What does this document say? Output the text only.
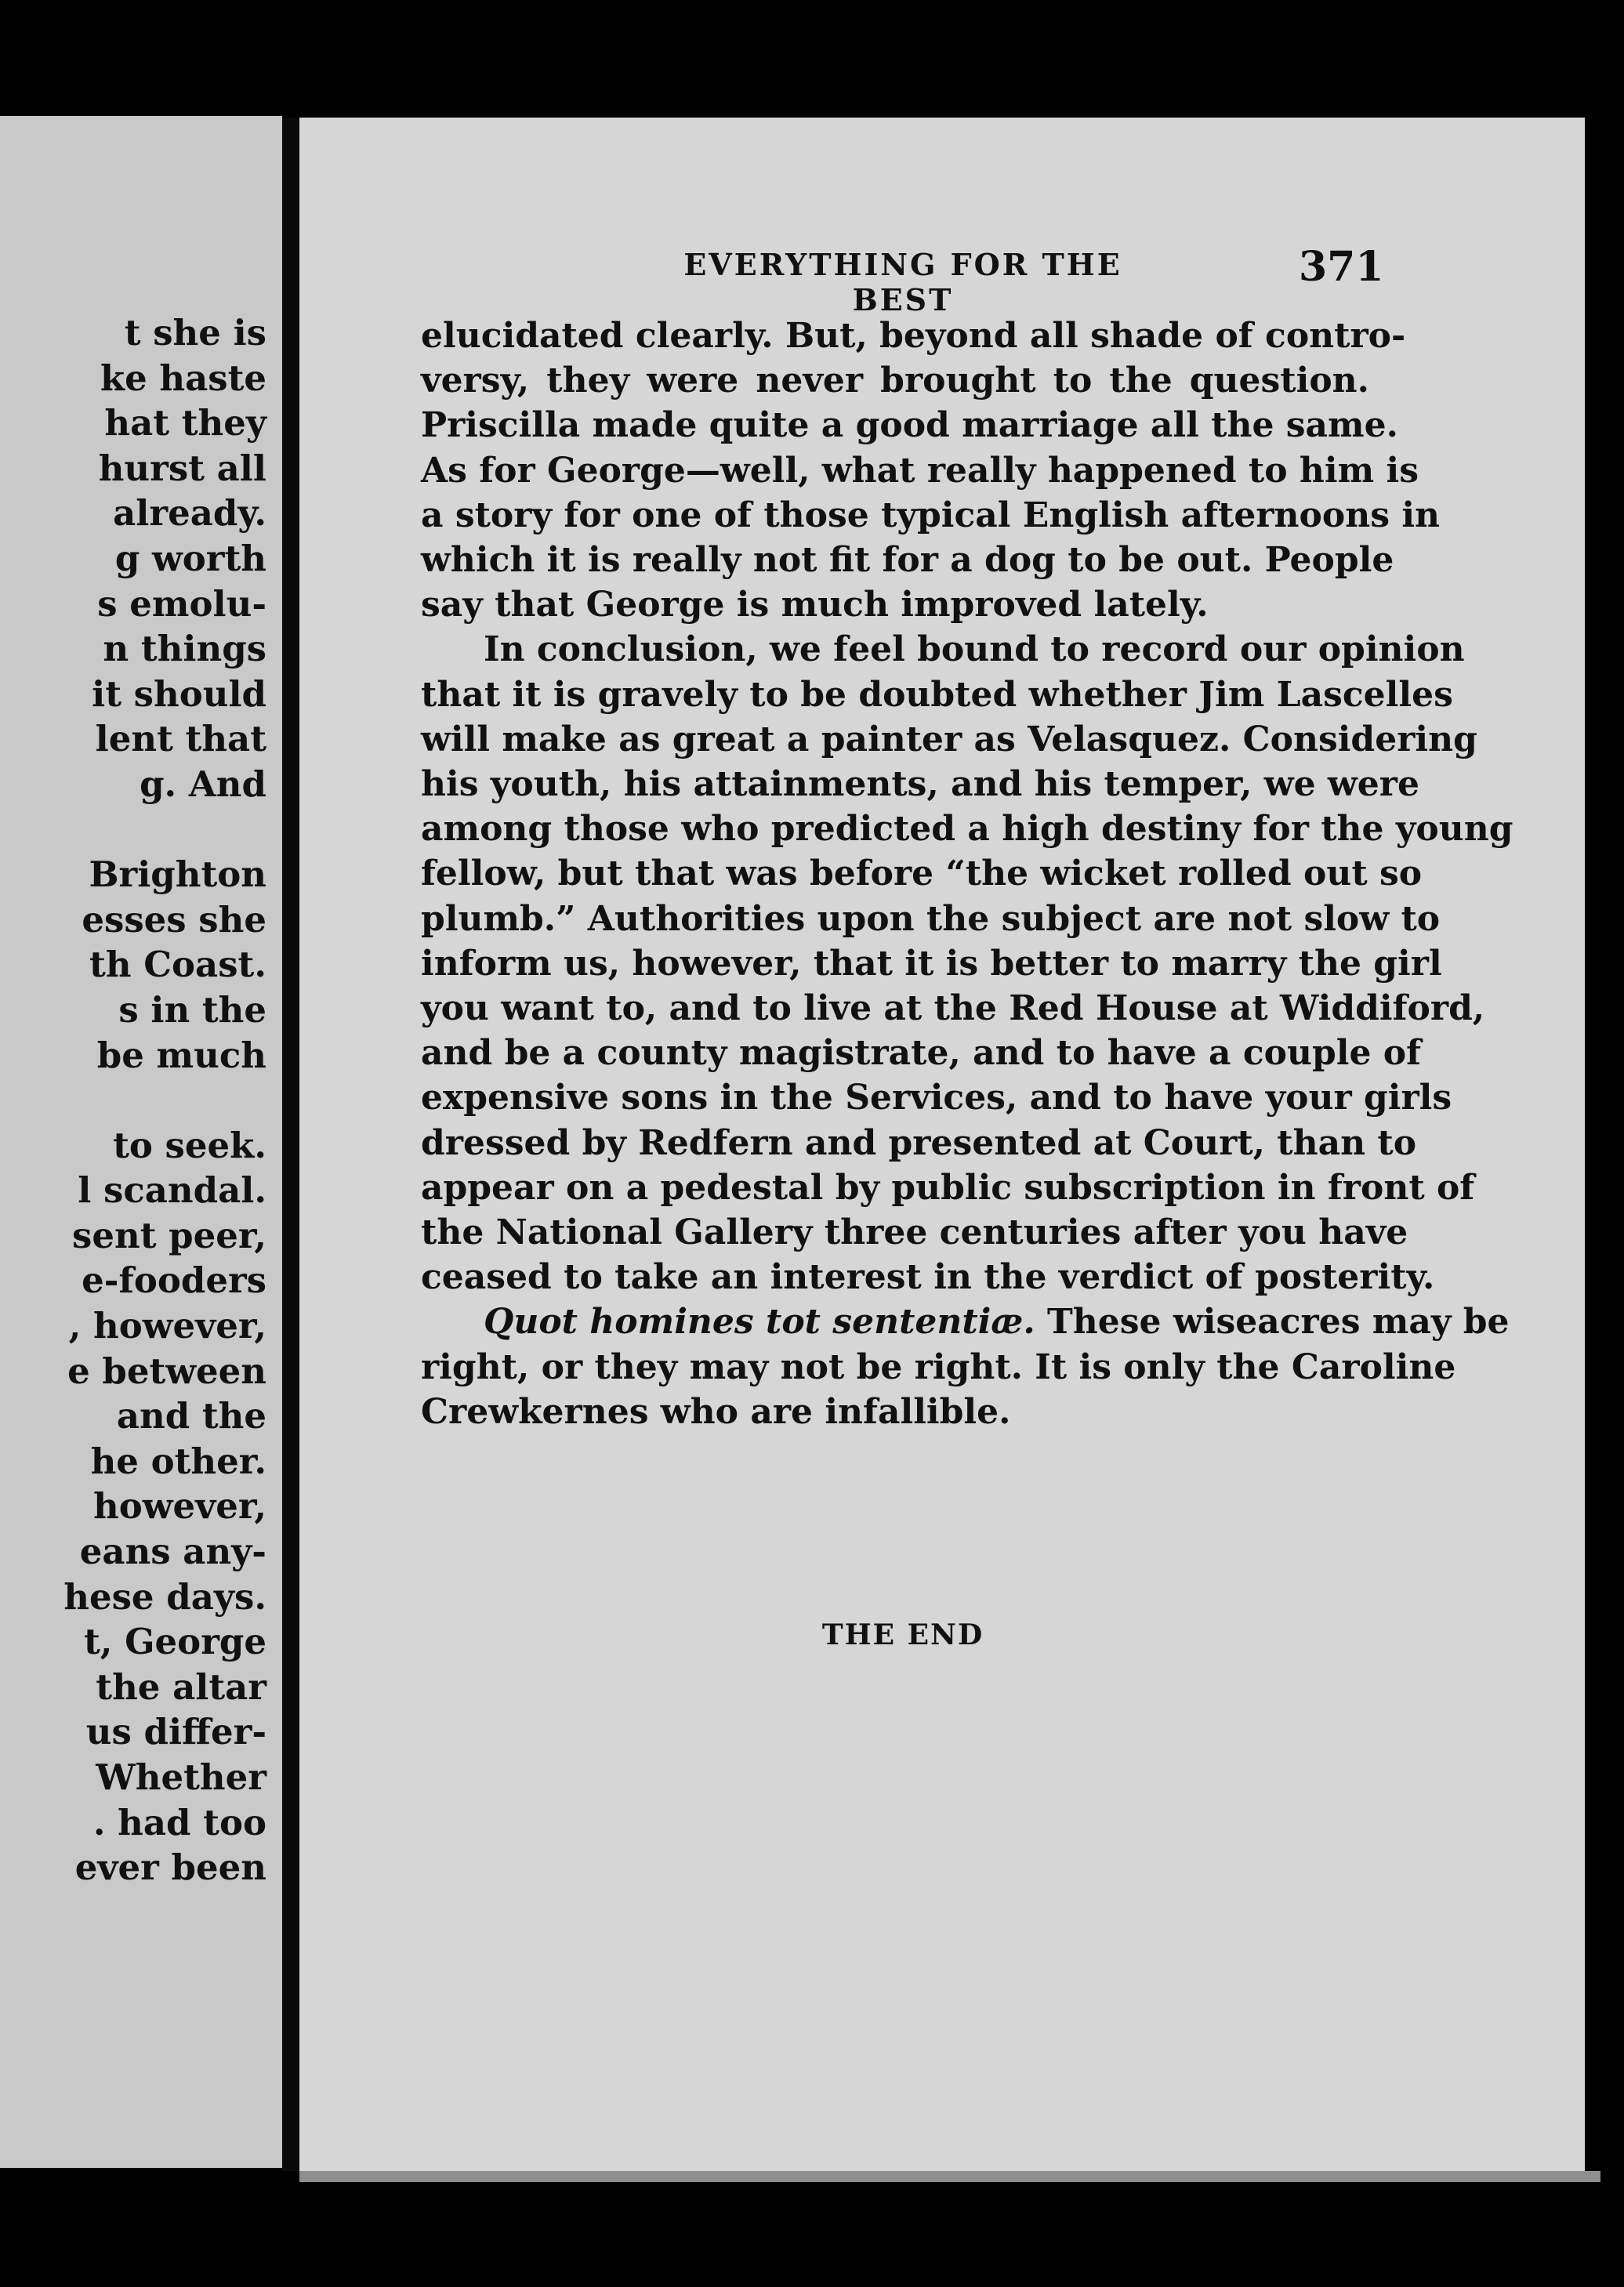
t she is
ke haste
hat they
hurst all
already.
g worth
s emolu-
n things
it should
lent that
g. And
Brighton
esses she
th Coast.
s in the
be much
to seek.
l scandal.
sent peer,
e-fooders
, however,
e between
and the
he other.
however,
eans any-
hese days.
t, George
the altar
us differ-
Whether
. had too
ever been
EVERYTHING FOR THE BEST
371
elucidated clearly. But, beyond all shade of contro-
versy, they were never brought to the question.
Priscilla made quite a good marriage all the same.
As for George—well, what really happened to him is
a story for one of those typical English afternoons in
which it is really not fit for a dog to be out. People
say that George is much improved lately.
In conclusion, we feel bound to record our opinion
that it is gravely to be doubted whether Jim Lascelles
will make as great a painter as Velasquez. Considering
his youth, his attainments, and his temper, we were
among those who predicted a high destiny for the young
fellow, but that was before “the wicket rolled out so
plumb.” Authorities upon the subject are not slow to
inform us, however, that it is better to marry the girl
you want to, and to live at the Red House at Widdiford,
and be a county magistrate, and to have a couple of
expensive sons in the Services, and to have your girls
dressed by Redfern and presented at Court, than to
appear on a pedestal by public subscription in front of
the National Gallery three centuries after you have
ceased to take an interest in the verdict of posterity.
Quot homines tot sententiæ. These wiseacres may be
right, or they may not be right. It is only the Caroline
Crewkernes who are infallible.
THE END
